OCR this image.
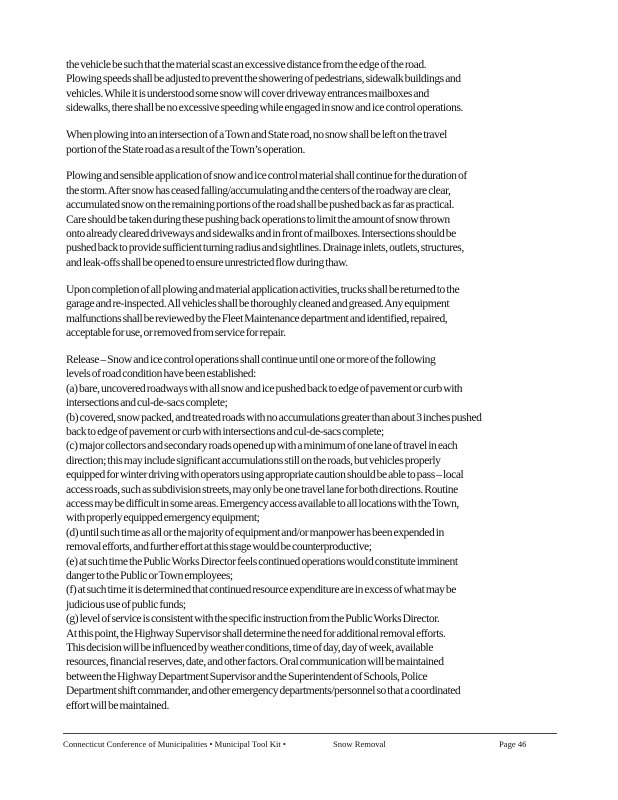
the vehicle be such that the material scast an excessive distance from the edge of the road.
Plowing speeds shall be adjusted to prevent the showering of pedestrians, sidewalk buildings and
vehicles. While it is understood some snow will cover driveway entrances mailboxes and
sidewalks, there shall be no excessive speeding while engaged in snow and ice control operations.

When plowing into an intersection of a Town and State road, no snow shall be left on the travel
portion of the State road as a result of the Town’s operation.

Plowing and sensible application of snow and ice control material shall continue for the duration of
the storm. After snow has ceased falling/accumulating and the centers of the roadway are clear,
accumulated snow on the remaining portions of the road shall be pushed back as far as practical.
Care should be taken during these pushing back operations to limit the amount of snow thrown
onto already cleared driveways and sidewalks and in front of mailboxes. Intersections should be
pushed back to provide sufficient turning radius and sightlines. Drainage inlets, outlets, structures,
and leak-offs shall be opened to ensure unrestricted flow during thaw.

Upon completion of all plowing and material application activities, trucks shall be returned to the
garage and re-inspected. All vehicles shall be thoroughly cleaned and greased. Any equipment
malfunctions shall be reviewed by the Fleet Maintenance department and identified, repaired,
acceptable for use, or removed from service for repair.

Release – Snow and ice control operations shall continue until one or more of the following
levels of road condition have been established:
(a) bare, uncovered roadways with all snow and ice pushed back to edge of pavement or curb with
intersections and cul-de-sacs complete;
(b) covered, snow packed, and treated roads with no accumulations greater than about 3 inches pushed
back to edge of pavement or curb with intersections and cul-de-sacs complete;
(c) major collectors and secondary roads opened up with a minimum of one lane of travel in each
direction; this may include significant accumulations still on the roads, but vehicles properly
equipped for winter driving with operators using appropriate caution should be able to pass – local
access roads, such as subdivision streets, may only be one travel lane for both directions. Routine
access may be difficult in some areas. Emergency access available to all locations with the Town,
with properly equipped emergency equipment;
(d) until such time as all or the majority of equipment and/or manpower has been expended in
removal efforts, and further effort at this stage would be counterproductive;
(e) at such time the Public Works Director feels continued operations would constitute imminent
danger to the Public or Town employees;
(f) at such time it is determined that continued resource expenditure are in excess of what may be
judicious use of public funds;
(g) level of service is consistent with the specific instruction from the Public Works Director.
At this point, the Highway Supervisor shall determine the need for additional removal efforts.
This decision will be influenced by weather conditions, time of day, day of week, available
resources, financial reserves, date, and other factors. Oral communication will be maintained
between the Highway Department Supervisor and the Superintendent of Schools, Police
Department shift commander, and other emergency departments/personnel so that a coordinated
effort will be maintained.

Connecticut Conference of Municipalities • Municipal Tool Kit •	Snow Removal	Page 46
